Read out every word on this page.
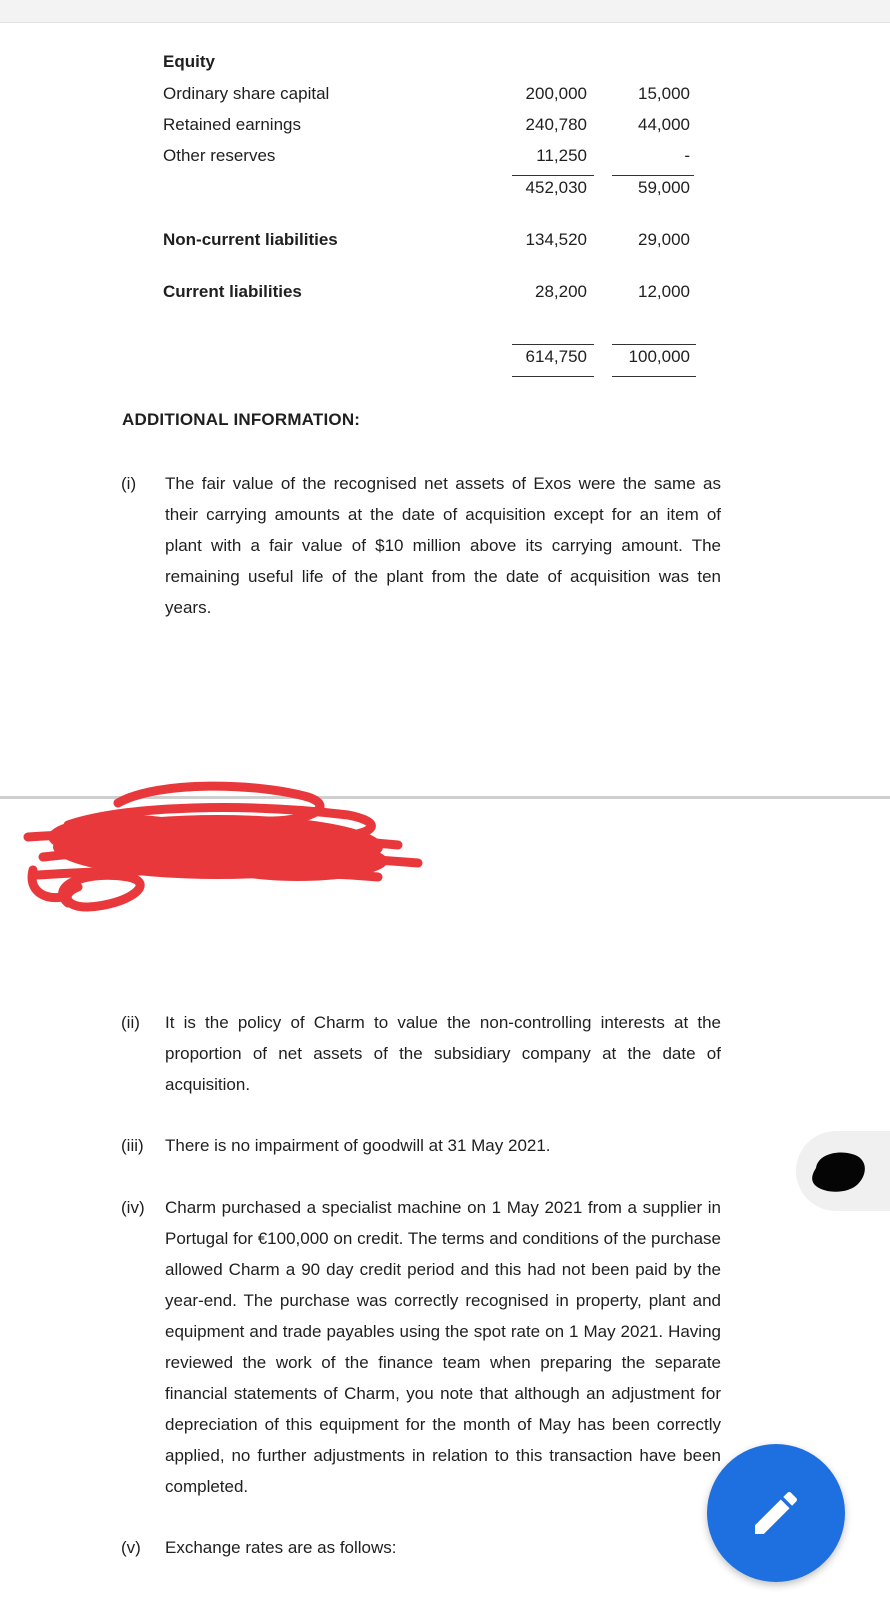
Equity
Ordinary share capital	200,000	15,000
Retained earnings	240,780	44,000
Other reserves	11,250	-
452,030	59,000
Non-current liabilities	134,520	29,000
Current liabilities	28,200	12,000
614,750	100,000
ADDITIONAL INFORMATION:
(i) The fair value of the recognised net assets of Exos were the same as their carrying amounts at the date of acquisition except for an item of plant with a fair value of $10 million above its carrying amount. The remaining useful life of the plant from the date of acquisition was ten years.
(ii) It is the policy of Charm to value the non-controlling interests at the proportion of net assets of the subsidiary company at the date of acquisition.
(iii) There is no impairment of goodwill at 31 May 2021.
(iv) Charm purchased a specialist machine on 1 May 2021 from a supplier in Portugal for €100,000 on credit. The terms and conditions of the purchase allowed Charm a 90 day credit period and this had not been paid by the year-end. The purchase was correctly recognised in property, plant and equipment and trade payables using the spot rate on 1 May 2021. Having reviewed the work of the finance team when preparing the separate financial statements of Charm, you note that although an adjustment for depreciation of this equipment for the month of May has been correctly applied, no further adjustments in relation to this transaction have been completed.
(v) Exchange rates are as follows:
